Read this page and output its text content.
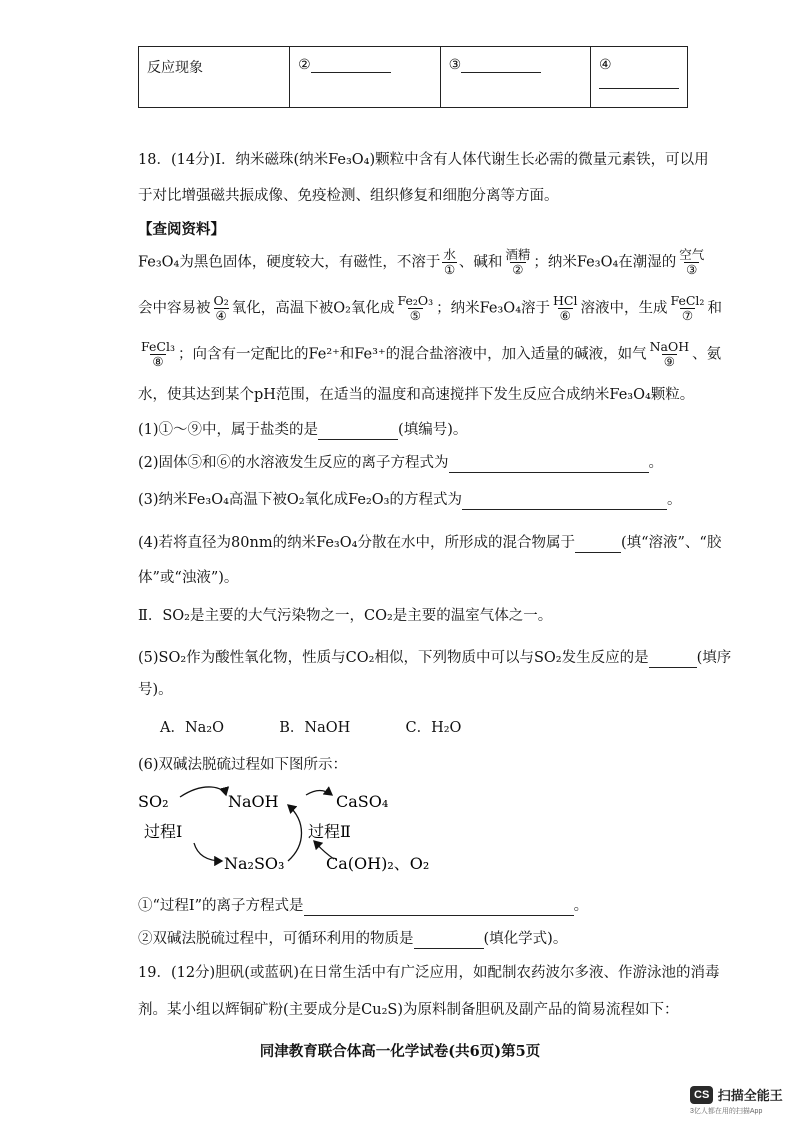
反应现象	②	③	④
18．(14分)Ⅰ．纳米磁珠(纳米Fe₃O₄)颗粒中含有人体代谢生长必需的微量元素铁，可以用
于对比增强磁共振成像、免疫检测、组织修复和细胞分离等方面。
【查阅资料】
Fe₃O₄为黑色固体，硬度较大，有磁性，不溶于 $\frac{\text{水}}{\text{①}}$ 、碱和 $\frac{\text{酒精}}{\text{②}}$ ；纳米Fe₃O₄在潮湿的 $\frac{\text{空气}}{\text{③}}$
会中容易被 $\frac{\text{O₂}}{\text{④}}$ 氧化，高温下被O₂氧化成 $\frac{\text{Fe₂O₃}}{\text{⑤}}$ ；纳米Fe₃O₄溶于 $\frac{\text{HCl}}{\text{⑥}}$ 溶液中，生成 $\frac{\text{FeCl₂}}{\text{⑦}}$ 和
$\frac{\text{FeCl₃}}{\text{⑧}}$ ；向含有一定配比的Fe²⁺和Fe³⁺的混合盐溶液中，加入适量的碱液，如气 $\frac{\text{NaOH}}{\text{⑨}}$ 、氨
水，使其达到某个pH范围，在适当的温度和高速搅拌下发生反应合成纳米Fe₃O₄颗粒。
(1)①～⑨中，属于盐类的是	(填编号)。
(2)固体⑤和⑥的水溶液发生反应的离子方程式为	。
(3)纳米Fe₃O₄高温下被O₂氧化成Fe₂O₃的方程式为	。
(4)若将直径为80nm的纳米Fe₃O₄分散在水中，所形成的混合物属于	(填“溶液”、“胶
体”或“浊液”)。
Ⅱ．SO₂是主要的大气污染物之一，CO₂是主要的温室气体之一。
(5)SO₂作为酸性氧化物，性质与CO₂相似，下列物质中可以与SO₂发生反应的是	(填序
号)。
A．Na₂O	B．NaOH	C．H₂O
(6)双碱法脱硫过程如下图所示：
SO₂	NaOH	CaSO₄
过程Ⅰ	过程Ⅱ
Na₂SO₃	Ca(OH)₂、O₂
①“过程Ⅰ”的离子方程式是	。
②双碱法脱硫过程中，可循环利用的物质是	(填化学式)。
19．(12分)胆矾(或蓝矾)在日常生活中有广泛应用，如配制农药波尔多液、作游泳池的消毒
剂。某小组以辉铜矿粉(主要成分是Cu₂S)为原料制备胆矾及副产品的简易流程如下：
同津教育联合体高一化学试卷(共6页)第5页
CS 扫描全能王
3亿人都在用的扫描App
